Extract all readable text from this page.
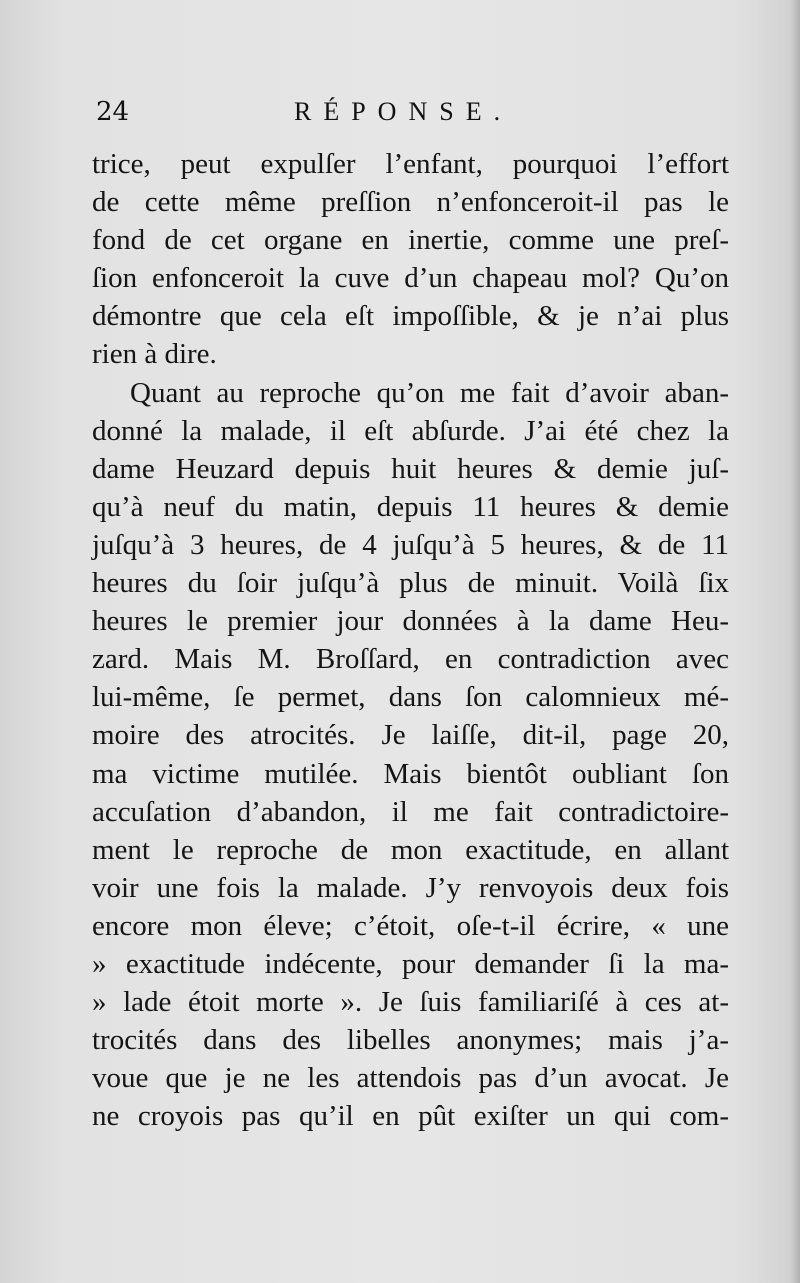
24	RÉPONSE.
trice, peut expulſer l’enfant, pourquoi l’effort
de cette même preſſion n’enfonceroit-il pas le
fond de cet organe en inertie, comme une preſ-
ſion enfonceroit la cuve d’un chapeau mol? Qu’on
démontre que cela eſt impoſſible, & je n’ai plus
rien à dire.
Quant au reproche qu’on me fait d’avoir aban-
donné la malade, il eſt abſurde. J’ai été chez la
dame Heuzard depuis huit heures & demie juſ-
qu’à neuf du matin, depuis 11 heures & demie
juſqu’à 3 heures, de 4 juſqu’à 5 heures, & de 11
heures du ſoir juſqu’à plus de minuit. Voilà ſix
heures le premier jour données à la dame Heu-
zard. Mais M. Broſſard, en contradiction avec
lui-même, ſe permet, dans ſon calomnieux mé-
moire des atrocités. Je laiſſe, dit-il, page 20,
ma victime mutilée. Mais bientôt oubliant ſon
accuſation d’abandon, il me fait contradictoire-
ment le reproche de mon exactitude, en allant
voir une fois la malade. J’y renvoyois deux fois
encore mon éleve; c’étoit, oſe-t-il écrire, « une
» exactitude indécente, pour demander ſi la ma-
» lade étoit morte ». Je ſuis familiariſé à ces at-
trocités dans des libelles anonymes; mais j’a-
voue que je ne les attendois pas d’un avocat. Je
ne croyois pas qu’il en pût exiſter un qui com-
